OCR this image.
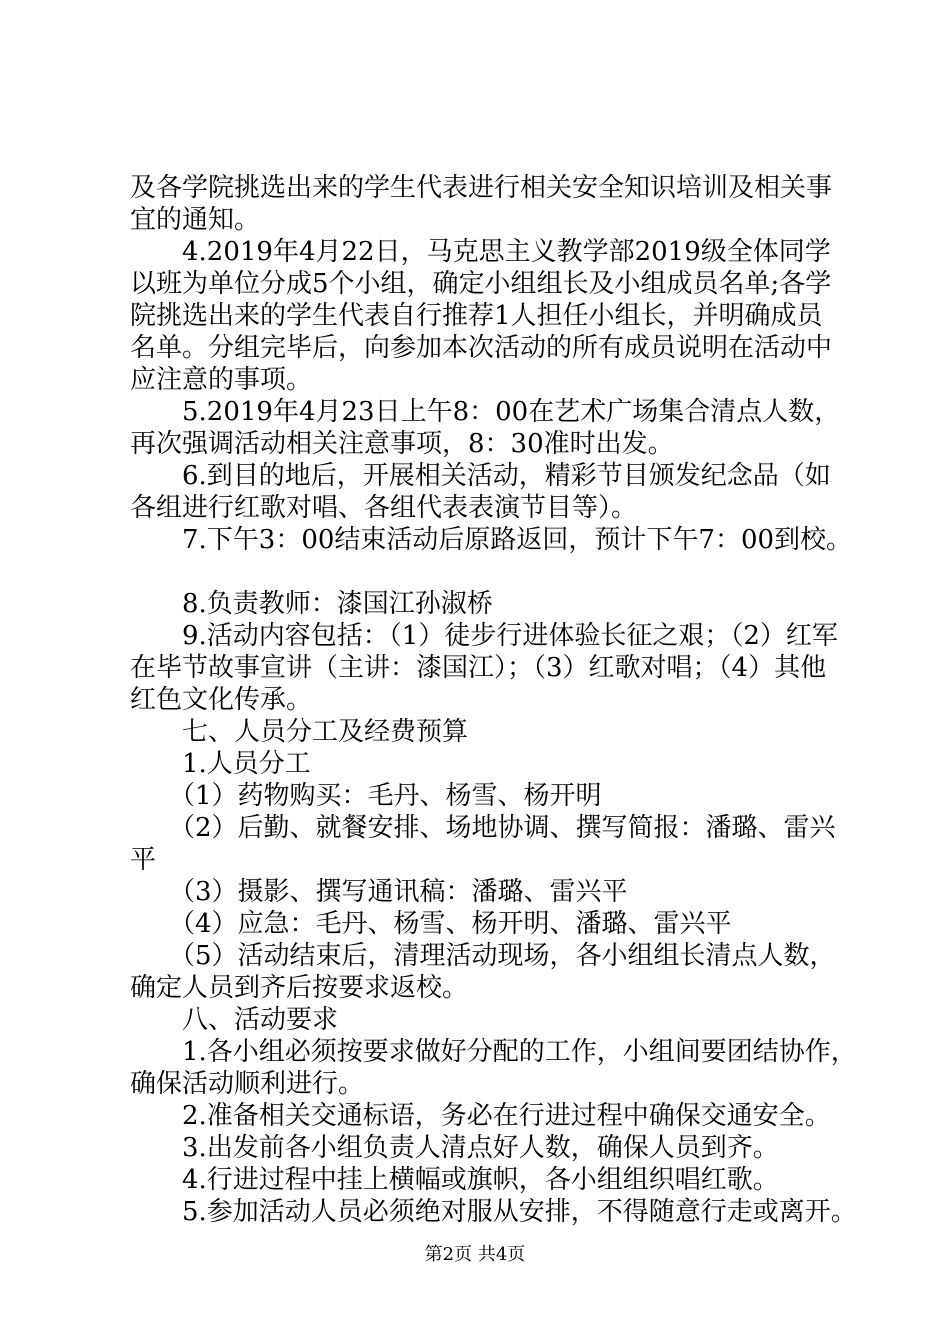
及各学院挑选出来的学生代表进行相关安全知识培训及相关事
宜的通知。
　　4.2019年4月22日，马克思主义教学部2019级全体同学
以班为单位分成5个小组，确定小组组长及小组成员名单;各学
院挑选出来的学生代表自行推荐1人担任小组长，并明确成员
名单。分组完毕后，向参加本次活动的所有成员说明在活动中
应注意的事项。
　　5.2019年4月23日上午8：00在艺术广场集合清点人数，
再次强调活动相关注意事项，8：30准时出发。
　　6.到目的地后，开展相关活动，精彩节目颁发纪念品（如
各组进行红歌对唱、各组代表表演节目等）。
　　7.下午3：00结束活动后原路返回，预计下午7：00到校。

　　8.负责教师：漆国江孙淑桥
　　9.活动内容包括：（1）徒步行进体验长征之艰；（2）红军
在毕节故事宣讲（主讲：漆国江）；（3）红歌对唱；（4）其他
红色文化传承。
　　七、人员分工及经费预算
　　1.人员分工
　　（1）药物购买：毛丹、杨雪、杨开明
　　（2）后勤、就餐安排、场地协调、撰写简报：潘璐、雷兴
平
　　（3）摄影、撰写通讯稿：潘璐、雷兴平
　　（4）应急：毛丹、杨雪、杨开明、潘璐、雷兴平
　　（5）活动结束后，清理活动现场，各小组组长清点人数，
确定人员到齐后按要求返校。
　　八、活动要求
　　1.各小组必须按要求做好分配的工作，小组间要团结协作，
确保活动顺利进行。
　　2.准备相关交通标语，务必在行进过程中确保交通安全。
　　3.出发前各小组负责人清点好人数，确保人员到齐。
　　4.行进过程中挂上横幅或旗帜，各小组组织唱红歌。
　　5.参加活动人员必须绝对服从安排，不得随意行走或离开。
第2页 共4页
